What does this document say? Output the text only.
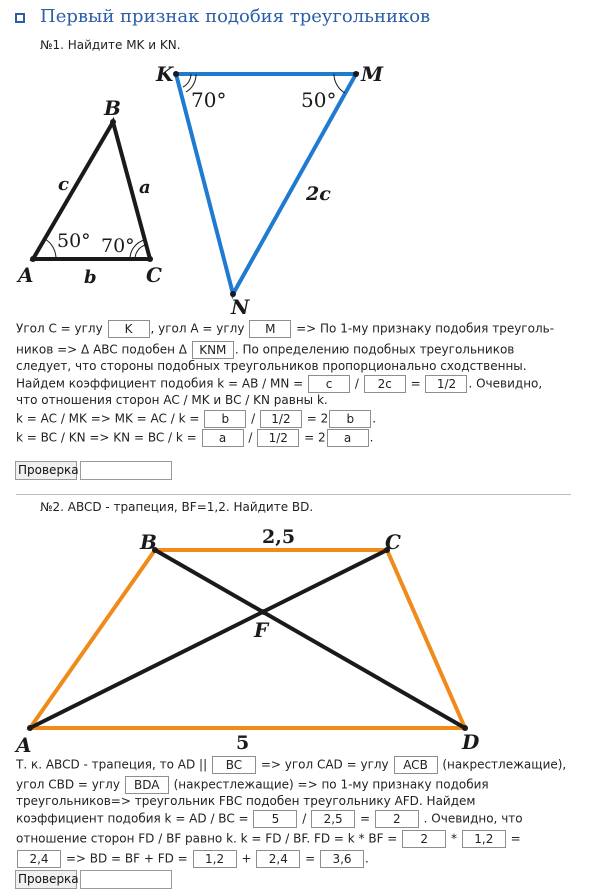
Первый признак подобия треугольников
№1. Найдите MK и KN.
A
B
C
c	a
b
50° 70°
K	M
N
70°	50°
2c
Угол C = углу K , угол A = углу M => По 1-му признаку подобия треуголь-
ников => Δ ABC подобен Δ KNM . По определению подобных треугольников
следует, что стороны подобных треугольников пропорционально сходственны.
Найдем коэффициент подобия k = AB / MN = c / 2c = 1/2 . Очевидно,
что отношения сторон AC / MK и BC / KN равны k.
k = AC / MK => MK = AC / k = b / 1/2 = 2 b .
k = BC / KN => KN = BC / k = a / 1/2 = 2 a .
Проверка
№2. ABCD - трапеция, BF=1,2. Найдите BD.
A
B	C
D
F
2,5
5
Т. к. ABCD - трапеция, то AD || BC => угол CAD = углу ACB (накрестлежащие),
угол CBD = углу BDA (накрестлежащие) => по 1-му признаку подобия
треугольников=> треугольник FBC подобен треугольнику AFD. Найдем
коэффициент подобия k = AD / BC = 5 / 2,5 = 2 . Очевидно, что
отношение сторон FD / BF равно k. k = FD / BF. FD = k * BF = 2 * 1,2 =
2,4 => BD = BF + FD = 1,2 + 2,4 = 3,6 .
Проверка
